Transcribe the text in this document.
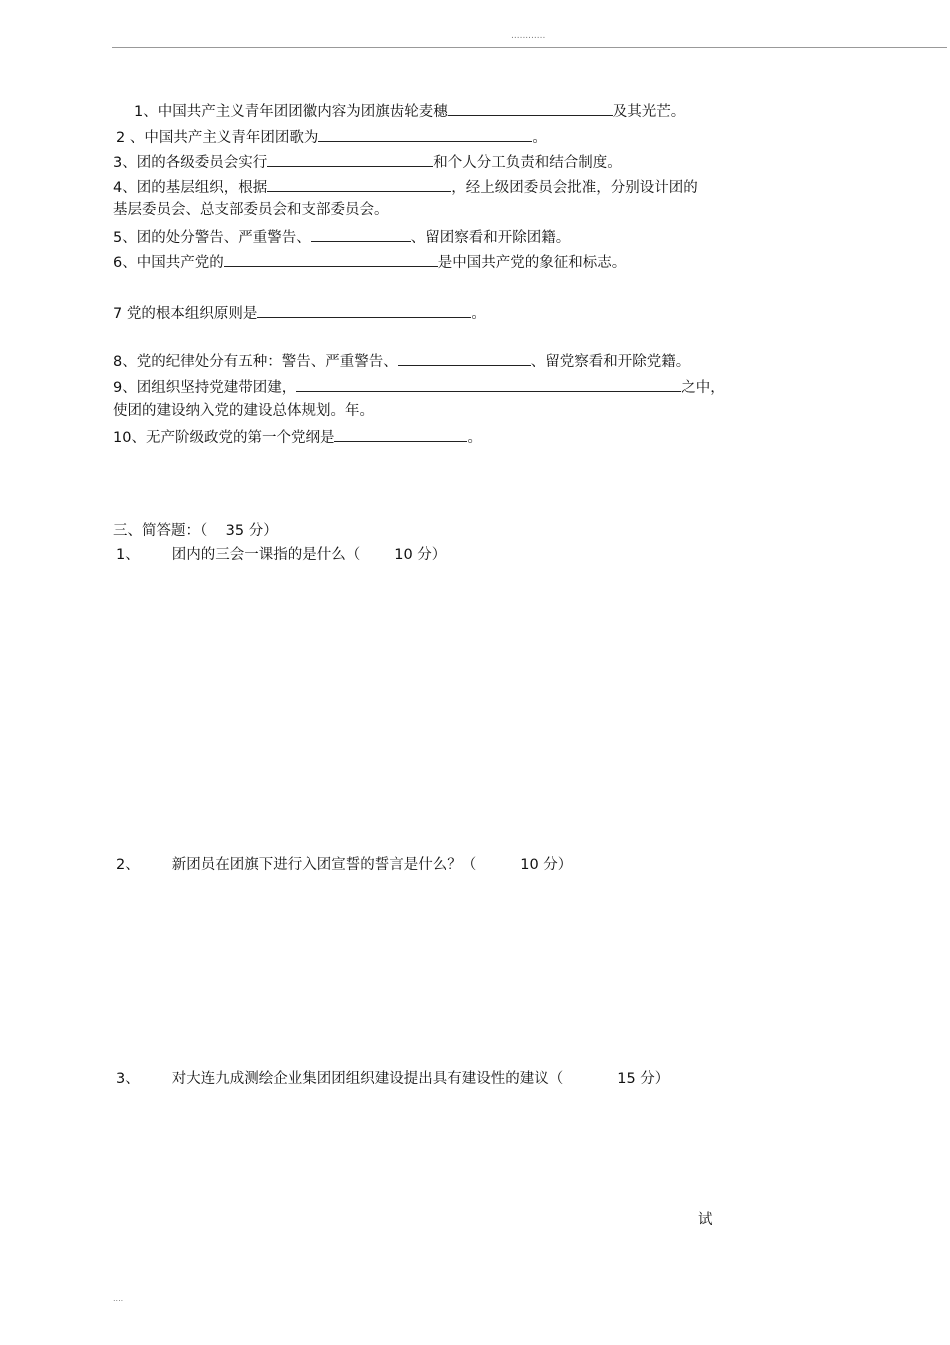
............
1、中国共产主义青年团团徽内容为团旗齿轮麦穗	及其光芒。
2 、中国共产主义青年团团歌为	。
3、团的各级委员会实行	和个人分工负责和结合制度。
4、团的基层组织，根据	，经上级团委员会批准，分别设计团的
基层委员会、总支部委员会和支部委员会。
5、团的处分警告、严重警告、	、留团察看和开除团籍。
6、中国共产党的	是中国共产党的象征和标志。
7 党的根本组织原则是	。
8、党的纪律处分有五种：警告、严重警告、	、留党察看和开除党籍。
9、团组织坚持党建带团建，	之中，
使团的建设纳入党的建设总体规划。年。
10、无产阶级政党的第一个党纲是	。
三、简答题：（    35 分）
1、 团内的三会一课指的是什么（ 10 分）
2、 新团员在团旗下进行入团宣誓的誓言是什么？（	10 分）
3、 对大连九成测绘企业集团团组织建设提出具有建设性的建议（	15 分）
试
....
